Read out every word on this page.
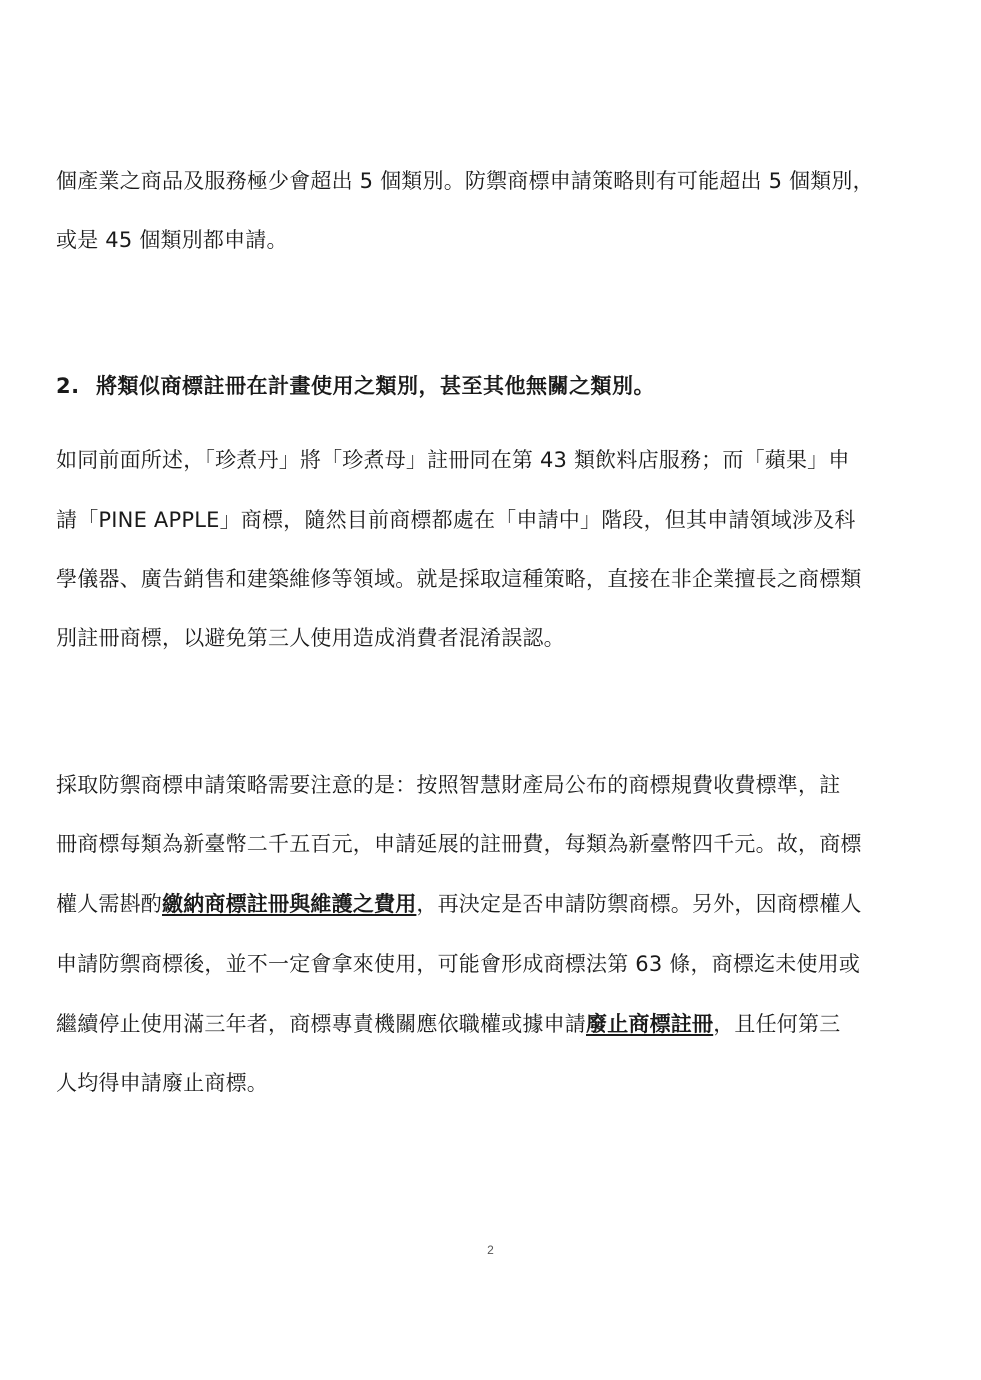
個產業之商品及服務極少會超出 5 個類別。防禦商標申請策略則有可能超出 5 個類別，
或是 45 個類別都申請。
2. 將類似商標註冊在計畫使用之類別，甚至其他無關之類別。
如同前面所述，「珍煮丹」將「珍煮母」註冊同在第 43 類飲料店服務；而「蘋果」申
請「PINE APPLE」商標，隨然目前商標都處在「申請中」階段，但其申請領域涉及科
學儀器、廣告銷售和建築維修等領域。就是採取這種策略，直接在非企業擅長之商標類
別註冊商標，以避免第三人使用造成消費者混淆誤認。
採取防禦商標申請策略需要注意的是：按照智慧財產局公布的商標規費收費標準，註
冊商標每類為新臺幣二千五百元，申請延展的註冊費，每類為新臺幣四千元。故，商標
權人需斟酌繳納商標註冊與維護之費用，再決定是否申請防禦商標。另外，因商標權人
申請防禦商標後，並不一定會拿來使用，可能會形成商標法第 63 條，商標迄未使用或
繼續停止使用滿三年者，商標專責機關應依職權或據申請廢止商標註冊，且任何第三
人均得申請廢止商標。
2
